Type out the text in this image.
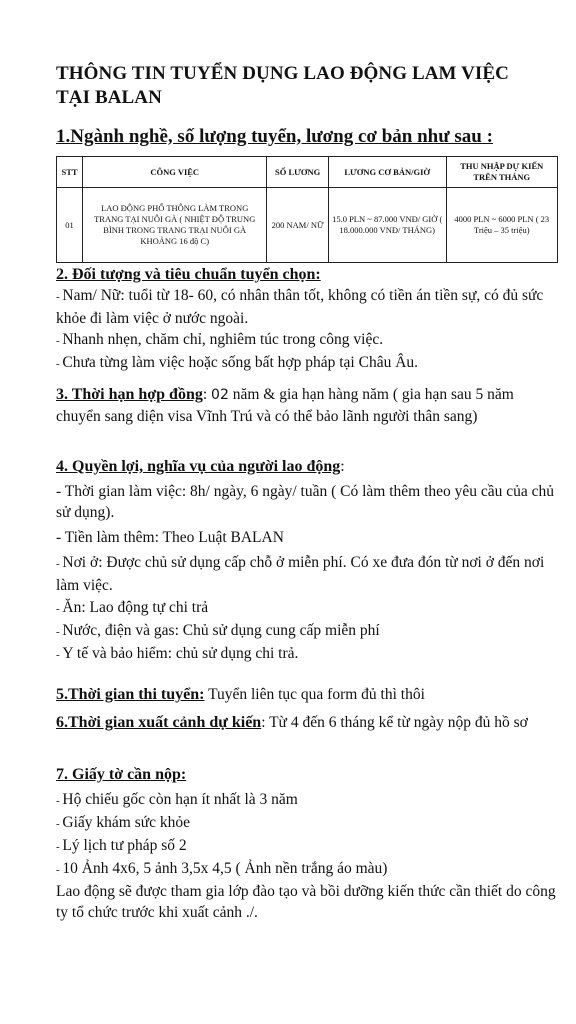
THÔNG TIN TUYỂN DỤNG LAO ĐỘNG LAM VIỆC TẠI BALAN
1.Ngành nghề, số lượng tuyển, lương cơ bản như sau :
STT	CÔNG VIỆC	SỐ LƯƠNG	LƯƠNG CƠ BẢN/GIỜ	THU NHẬP DỰ KIẾN TRÊN THÁNG
01	LAO ĐỘNG PHỔ THÔNG LÀM TRONG TRANG TẠI NUÔI GÀ ( NHIỆT ĐỘ TRUNG BÌNH TRONG TRANG TRẠI NUÔI GÀ KHOẢNG 16 độ C)	200 NAM/ NỮ	15.0 PLN ~ 87.000 VNĐ/ GIỜ ( 18.000.000 VNĐ/ THÁNG)	4000 PLN ~ 6000 PLN ( 23 Triệu – 35 triệu)
2. Đối tượng và tiêu chuẩn tuyển chọn:
- Nam/ Nữ: tuổi từ 18- 60, có nhân thân tốt, không có tiền án tiền sự, có đủ sức khỏe đi làm việc ở nước ngoài.
- Nhanh nhẹn, chăm chỉ, nghiêm túc trong công việc.
- Chưa từng làm việc hoặc sống bất hợp pháp tại Châu Âu.
3. Thời hạn hợp đồng: 02 năm & gia hạn hàng năm ( gia hạn sau 5 năm chuyển sang diện visa Vĩnh Trú và có thể bảo lãnh người thân sang)
4. Quyền lợi, nghĩa vụ của người lao động:
- Thời gian làm việc: 8h/ ngày, 6 ngày/ tuần ( Có làm thêm theo yêu cầu của chủ sử dụng).
- Tiền làm thêm: Theo Luật BALAN
- Nơi ở: Được chủ sử dụng cấp chỗ ở miễn phí. Có xe đưa đón từ nơi ở đến nơi làm việc.
- Ăn: Lao động tự chi trả
- Nước, điện và gas: Chủ sử dụng cung cấp miễn phí
- Y tế và bảo hiểm: chủ sử dụng chi trả.
5.Thời gian thi tuyển: Tuyển liên tục qua form đủ thì thôi
6.Thời gian xuất cảnh dự kiến: Từ 4 đến 6 tháng kể từ ngày nộp đủ hồ sơ
7. Giấy tờ cần nộp:
- Hộ chiếu gốc còn hạn ít nhất là 3 năm
- Giấy khám sức khỏe
- Lý lịch tư pháp số 2
- 10 Ảnh 4x6, 5 ảnh 3,5x 4,5 ( Ảnh nền trắng áo màu)
Lao động sẽ được tham gia lớp đào tạo và bồi dưỡng kiến thức cần thiết do công ty tổ chức trước khi xuất cảnh ./.
